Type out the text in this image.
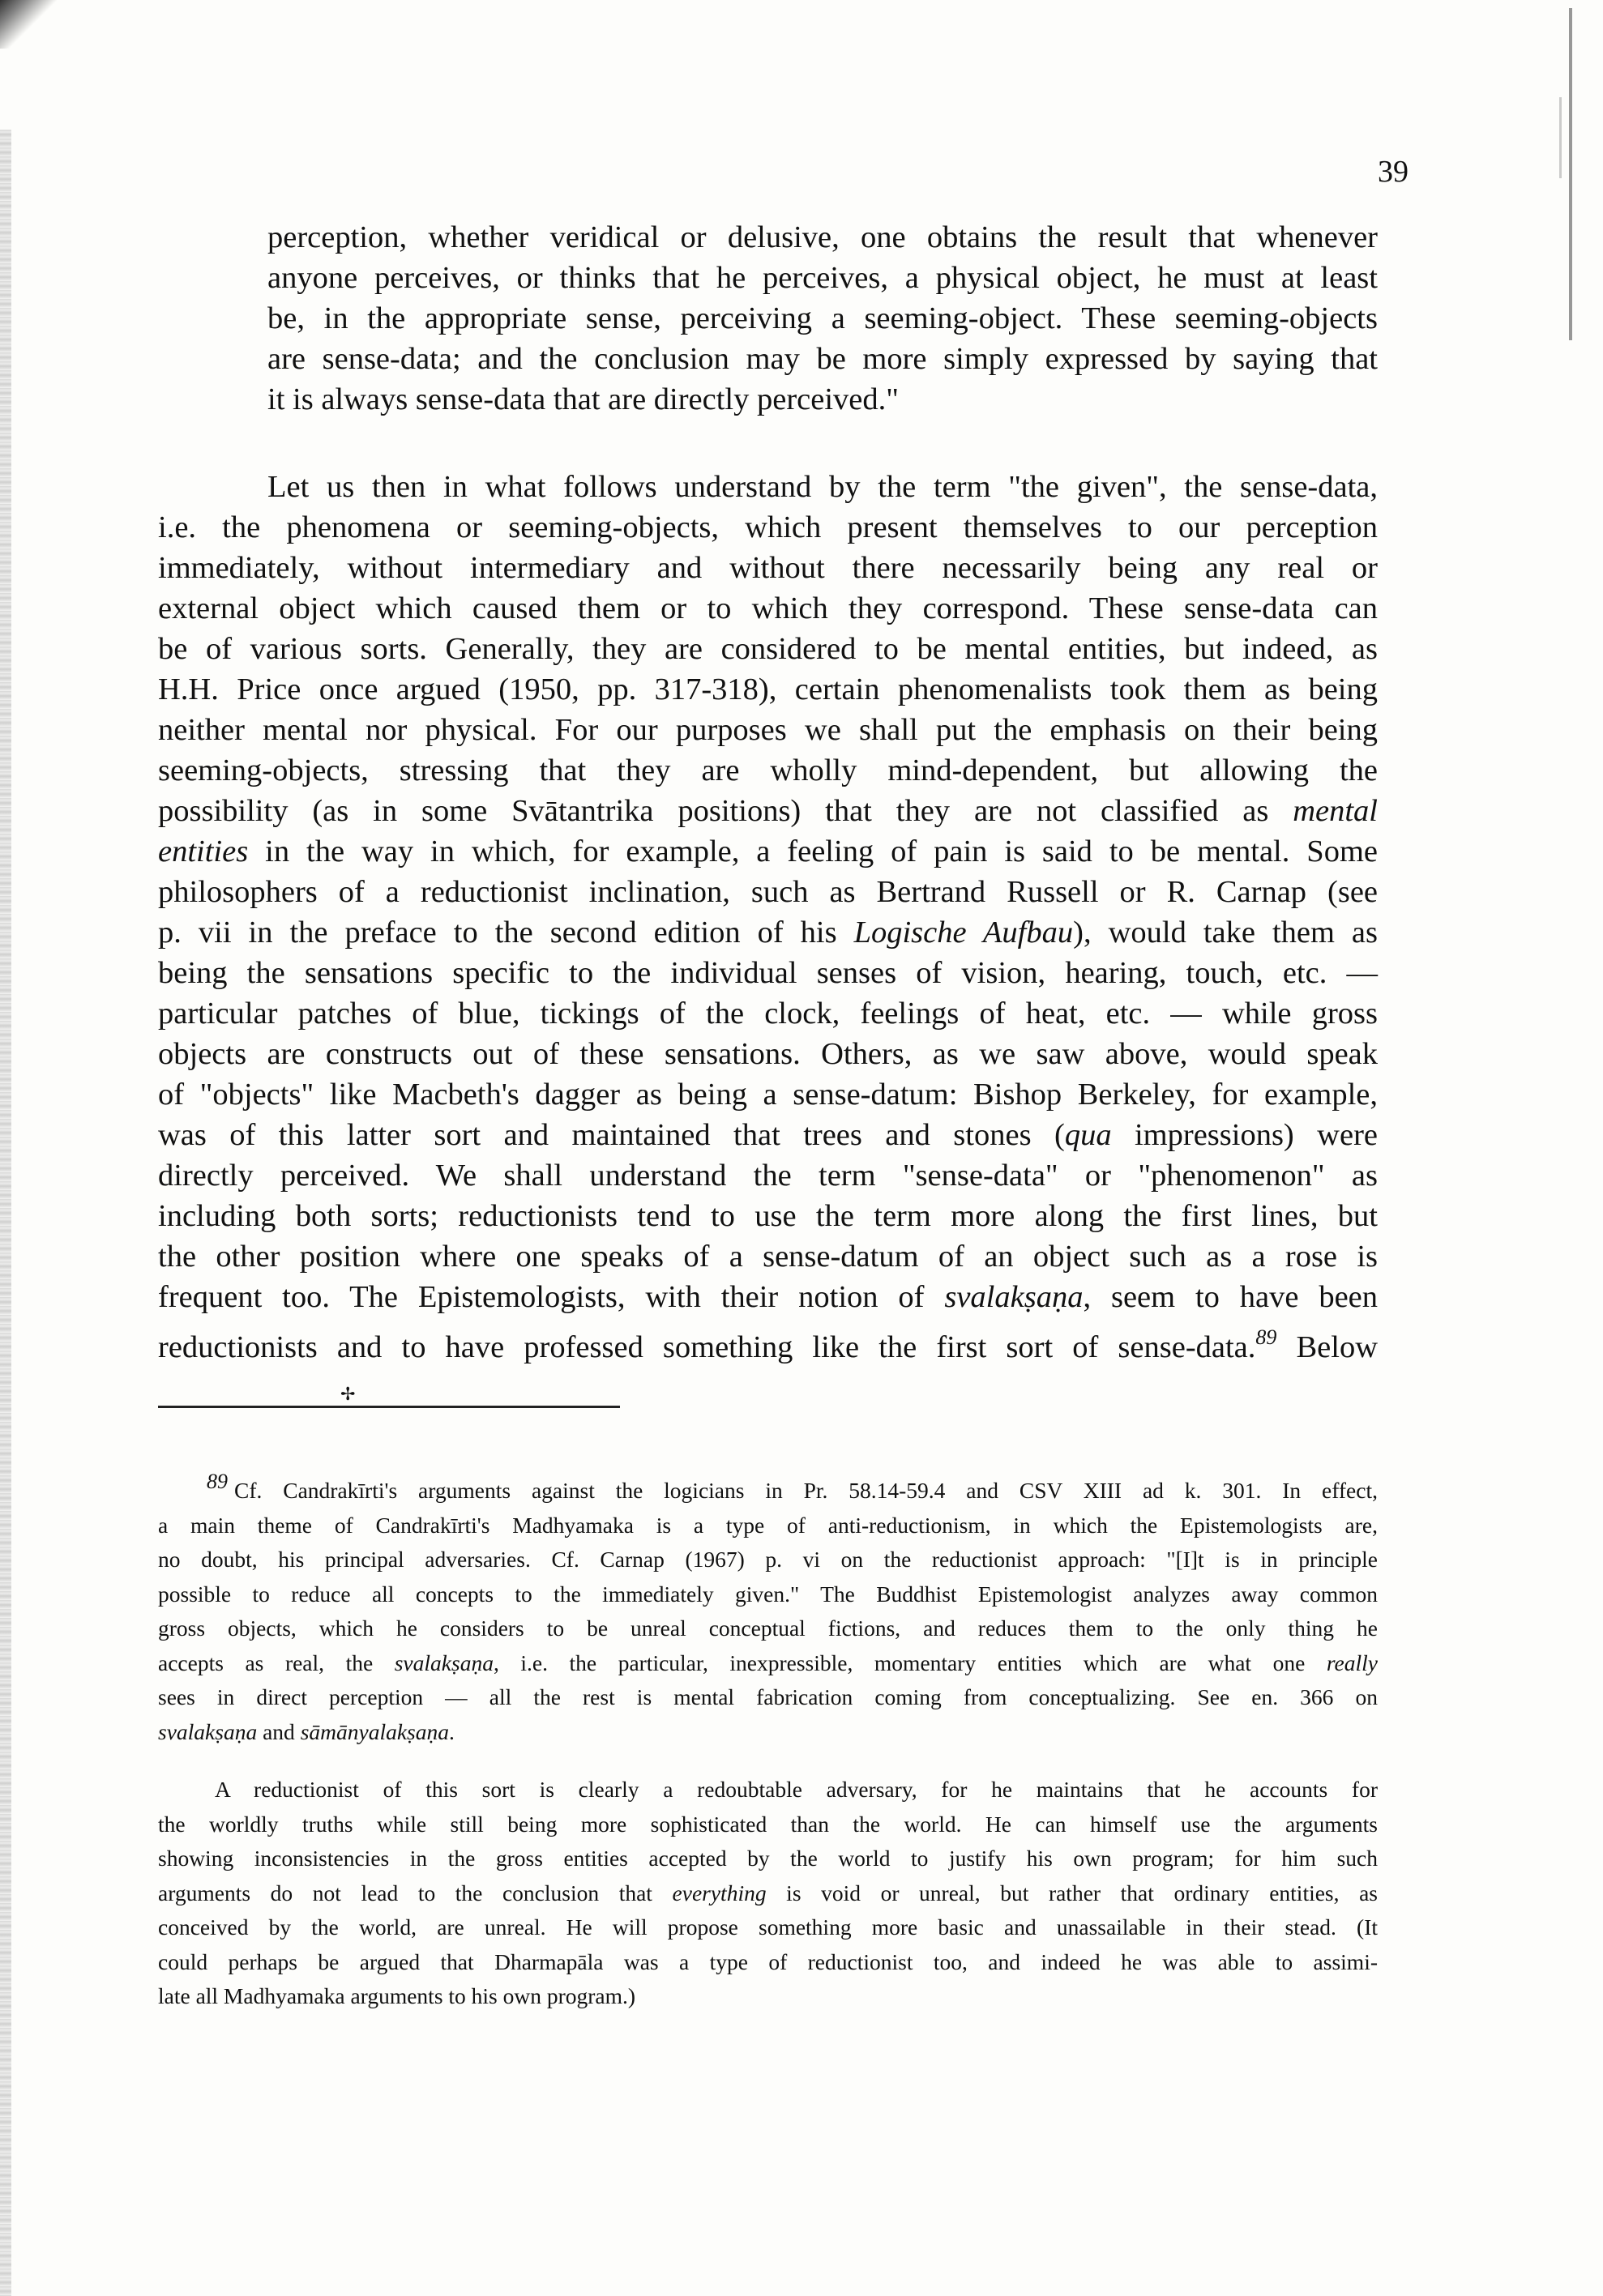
39
perception, whether veridical or delusive, one obtains the result that whenever
anyone perceives, or thinks that he perceives, a physical object, he must at least
be, in the appropriate sense, perceiving a seeming-object. These seeming-objects
are sense-data; and the conclusion may be more simply expressed by saying that
it is always sense-data that are directly perceived."
Let us then in what follows understand by the term "the given", the sense-data,
i.e. the phenomena or seeming-objects, which present themselves to our perception
immediately, without intermediary and without there necessarily being any real or
external object which caused them or to which they correspond. These sense-data can
be of various sorts. Generally, they are considered to be mental entities, but indeed, as
H.H. Price once argued (1950, pp. 317-318), certain phenomenalists took them as being
neither mental nor physical. For our purposes we shall put the emphasis on their being
seeming-objects, stressing that they are wholly mind-dependent, but allowing the
possibility (as in some Svātantrika positions) that they are not classified as mental
entities in the way in which, for example, a feeling of pain is said to be mental. Some
philosophers of a reductionist inclination, such as Bertrand Russell or R. Carnap (see
p. vii in the preface to the second edition of his Logische Aufbau), would take them as
being the sensations specific to the individual senses of vision, hearing, touch, etc. —
particular patches of blue, tickings of the clock, feelings of heat, etc. — while gross
objects are constructs out of these sensations. Others, as we saw above, would speak
of "objects" like Macbeth's dagger as being a sense-datum: Bishop Berkeley, for example,
was of this latter sort and maintained that trees and stones (qua impressions) were
directly perceived. We shall understand the term "sense-data" or "phenomenon" as
including both sorts; reductionists tend to use the term more along the first lines, but
the other position where one speaks of a sense-datum of an object such as a rose is
frequent too. The Epistemologists, with their notion of svalakṣaṇa, seem to have been
reductionists and to have professed something like the first sort of sense-data.$^{89}$ Below
✢
89 Cf. Candrakīrti's arguments against the logicians in Pr. 58.14-59.4 and CSV XIII ad k. 301. In effect,
a main theme of Candrakīrti's Madhyamaka is a type of anti-reductionism, in which the Epistemologists are,
no doubt, his principal adversaries. Cf. Carnap (1967) p. vi on the reductionist approach: "[I]t is in principle
possible to reduce all concepts to the immediately given." The Buddhist Epistemologist analyzes away common
gross objects, which he considers to be unreal conceptual fictions, and reduces them to the only thing he
accepts as real, the svalakṣaṇa, i.e. the particular, inexpressible, momentary entities which are what one really
sees in direct perception — all the rest is mental fabrication coming from conceptualizing. See en. 366 on
svalakṣaṇa and sāmānyalakṣaṇa.
A reductionist of this sort is clearly a redoubtable adversary, for he maintains that he accounts for
the worldly truths while still being more sophisticated than the world. He can himself use the arguments
showing inconsistencies in the gross entities accepted by the world to justify his own program; for him such
arguments do not lead to the conclusion that everything is void or unreal, but rather that ordinary entities, as
conceived by the world, are unreal. He will propose something more basic and unassailable in their stead. (It
could perhaps be argued that Dharmapāla was a type of reductionist too, and indeed he was able to assimi-
late all Madhyamaka arguments to his own program.)
